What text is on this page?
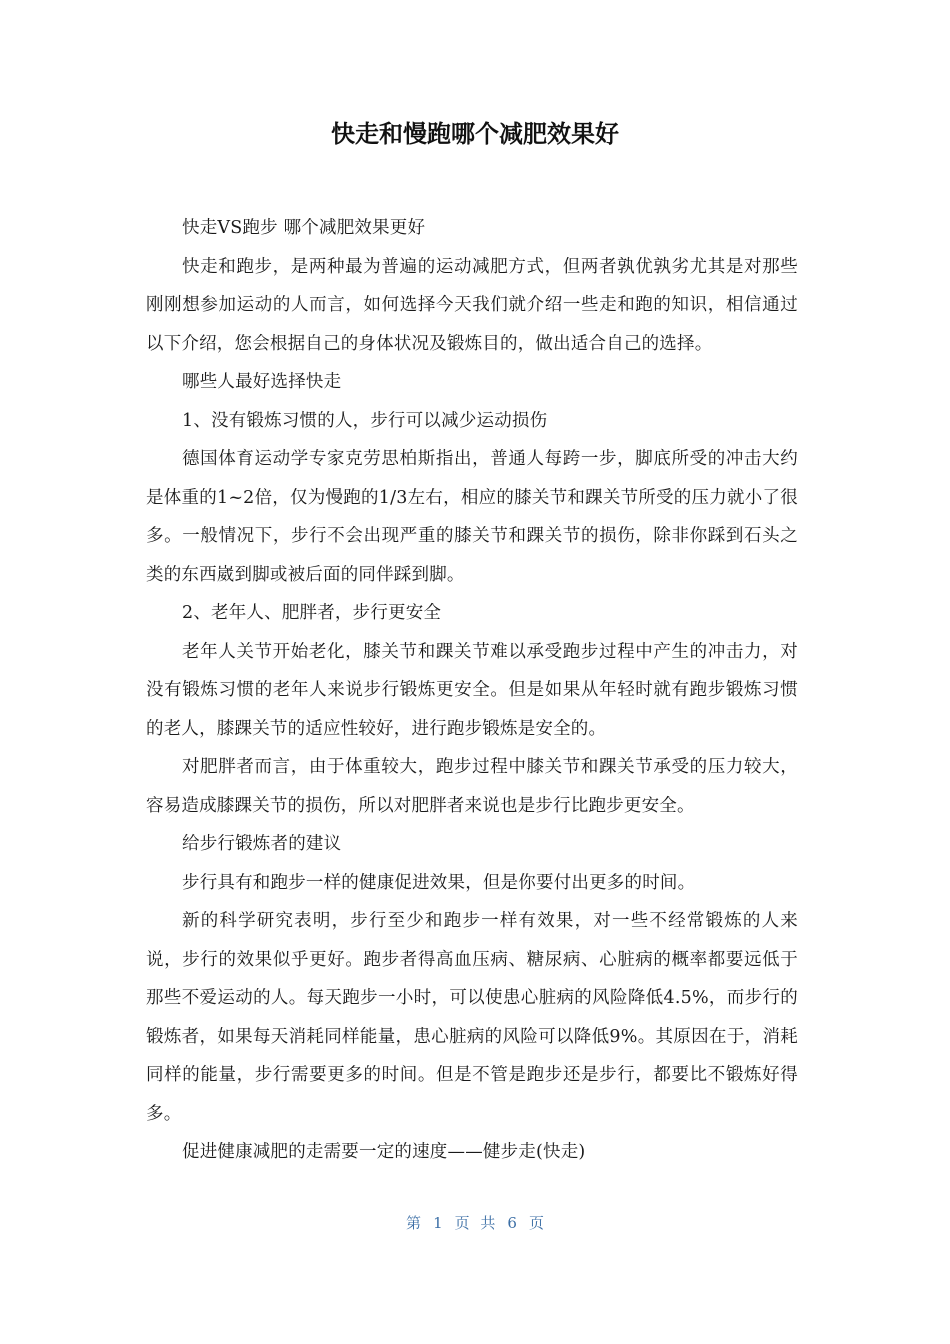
快走和慢跑哪个减肥效果好

快走VS跑步 哪个减肥效果更好

快走和跑步，是两种最为普遍的运动减肥方式，但两者孰优孰劣尤其是对那些刚刚想参加运动的人而言，如何选择今天我们就介绍一些走和跑的知识，相信通过以下介绍，您会根据自己的身体状况及锻炼目的，做出适合自己的选择。

哪些人最好选择快走

1、没有锻炼习惯的人，步行可以减少运动损伤

德国体育运动学专家克劳思柏斯指出，普通人每跨一步，脚底所受的冲击大约是体重的1~2倍，仅为慢跑的1/3左右，相应的膝关节和踝关节所受的压力就小了很多。一般情况下，步行不会出现严重的膝关节和踝关节的损伤，除非你踩到石头之类的东西崴到脚或被后面的同伴踩到脚。

2、老年人、肥胖者，步行更安全

老年人关节开始老化，膝关节和踝关节难以承受跑步过程中产生的冲击力，对没有锻炼习惯的老年人来说步行锻炼更安全。但是如果从年轻时就有跑步锻炼习惯的老人，膝踝关节的适应性较好，进行跑步锻炼是安全的。

对肥胖者而言，由于体重较大，跑步过程中膝关节和踝关节承受的压力较大，容易造成膝踝关节的损伤，所以对肥胖者来说也是步行比跑步更安全。

给步行锻炼者的建议

步行具有和跑步一样的健康促进效果，但是你要付出更多的时间。

新的科学研究表明，步行至少和跑步一样有效果，对一些不经常锻炼的人来说，步行的效果似乎更好。跑步者得高血压病、糖尿病、心脏病的概率都要远低于那些不爱运动的人。每天跑步一小时，可以使患心脏病的风险降低4.5%，而步行的锻炼者，如果每天消耗同样能量，患心脏病的风险可以降低9%。其原因在于，消耗同样的能量，步行需要更多的时间。但是不管是跑步还是步行，都要比不锻炼好得多。

促进健康减肥的走需要一定的速度——健步走(快走)

第 1 页 共 6 页
